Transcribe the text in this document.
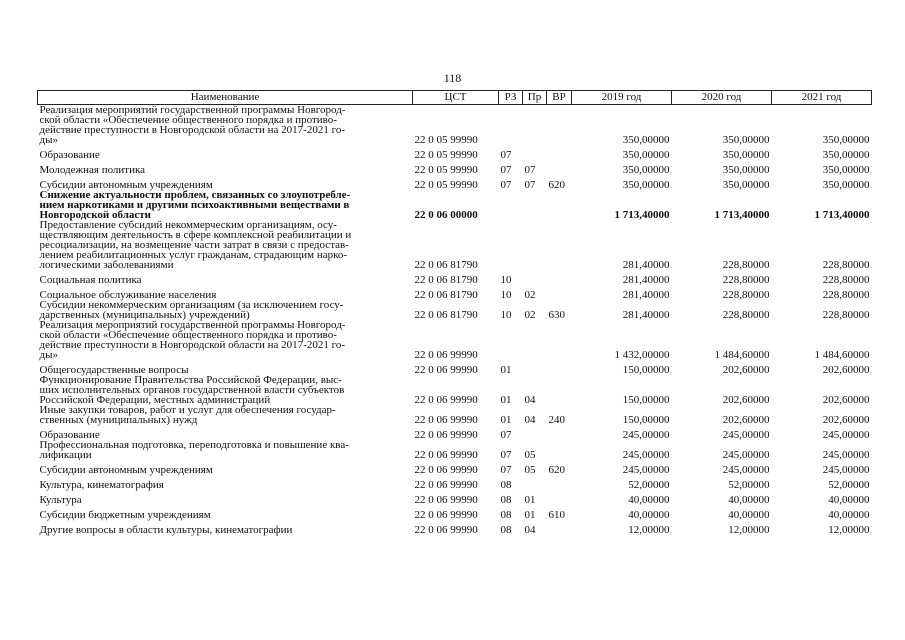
118
Наименование	ЦСТ	РЗ	Пр	ВР	2019 год	2020 год	2021 год

Реализация мероприятий государственной программы Новгород-
ской области «Обеспечение общественного порядка и противо-
действие преступности в Новгородской области на 2017-2021 го-
ды»	22 0 05 99990				350,00000	350,00000	350,00000

Образование	22 0 05 99990	07			350,00000	350,00000	350,00000

Молодежная политика	22 0 05 99990	07	07		350,00000	350,00000	350,00000

Субсидии автономным учреждениям	22 0 05 99990	07	07	620	350,00000	350,00000	350,00000

Снижение актуальности проблем, связанных со злоупотребле-
нием наркотиками и другими психоактивными веществами в
Новгородской области	22 0 06 00000				1 713,40000	1 713,40000	1 713,40000

Предоставление субсидий некоммерческим организациям, осу-
ществляющим деятельность в сфере комплексной реабилитации и
ресоциализации, на возмещение части затрат в связи с предостав-
лением реабилитационных услуг гражданам, страдающим нарко-
логическими заболеваниями	22 0 06 81790				281,40000	228,80000	228,80000

Социальная политика	22 0 06 81790	10			281,40000	228,80000	228,80000

Социальное обслуживание населения	22 0 06 81790	10	02		281,40000	228,80000	228,80000

Субсидии некоммерческим организациям (за исключением госу-
дарственных (муниципальных) учреждений)	22 0 06 81790	10	02	630	281,40000	228,80000	228,80000

Реализация мероприятий государственной программы Новгород-
ской области «Обеспечение общественного порядка и противо-
действие преступности в Новгородской области на 2017-2021 го-
ды»	22 0 06 99990				1 432,00000	1 484,60000	1 484,60000

Общегосударственные вопросы	22 0 06 99990	01			150,00000	202,60000	202,60000

Функционирование Правительства Российской Федерации, выс-
ших исполнительных органов государственной власти субъектов
Российской Федерации, местных администраций	22 0 06 99990	01	04		150,00000	202,60000	202,60000

Иные закупки товаров, работ и услуг для обеспечения государ-
ственных (муниципальных) нужд	22 0 06 99990	01	04	240	150,00000	202,60000	202,60000

Образование	22 0 06 99990	07			245,00000	245,00000	245,00000

Профессиональная подготовка, переподготовка и повышение ква-
лификации	22 0 06 99990	07	05		245,00000	245,00000	245,00000

Субсидии автономным учреждениям	22 0 06 99990	07	05	620	245,00000	245,00000	245,00000

Культура, кинематография	22 0 06 99990	08			52,00000	52,00000	52,00000

Культура	22 0 06 99990	08	01		40,00000	40,00000	40,00000

Субсидии бюджетным учреждениям	22 0 06 99990	08	01	610	40,00000	40,00000	40,00000

Другие вопросы в области культуры, кинематографии	22 0 06 99990	08	04		12,00000	12,00000	12,00000
